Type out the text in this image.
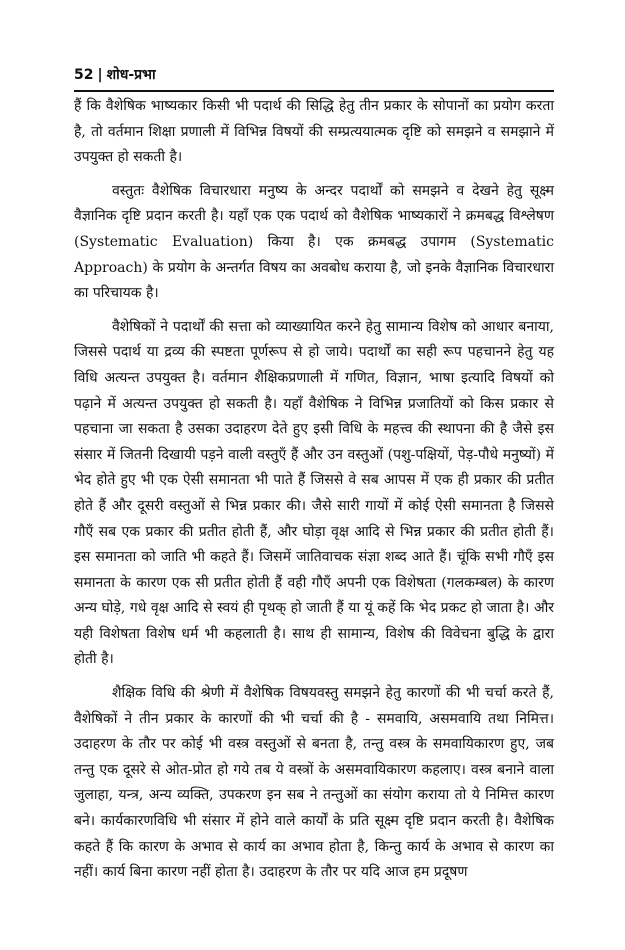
52 | शोध-प्रभा

हैं कि वैशेषिक भाष्यकार किसी भी पदार्थ की सिद्धि हेतु तीन प्रकार के सोपानों का प्रयोग करता है, तो वर्तमान शिक्षा प्रणाली में विभिन्न विषयों की सम्प्रत्ययात्मक दृष्टि को समझने व समझाने में उपयुक्त हो सकती है।

वस्तुतः वैशेषिक विचारधारा मनुष्य के अन्दर पदार्थों को समझने व देखने हेतु सूक्ष्म वैज्ञानिक दृष्टि प्रदान करती है। यहाँ एक एक पदार्थ को वैशेषिक भाष्यकारों ने क्रमबद्ध विश्लेषण (Systematic Evaluation) किया है। एक क्रमबद्ध उपागम (Systematic Approach) के प्रयोग के अन्तर्गत विषय का अवबोध कराया है, जो इनके वैज्ञानिक विचारधारा का परिचायक है।

वैशेषिकों ने पदार्थों की सत्ता को व्याख्यायित करने हेतु सामान्य विशेष को आधार बनाया, जिससे पदार्थ या द्रव्य की स्पष्टता पूर्णरूप से हो जाये। पदार्थों का सही रूप पहचानने हेतु यह विधि अत्यन्त उपयुक्त है। वर्तमान शैक्षिकप्रणाली में गणित, विज्ञान, भाषा इत्यादि विषयों को पढ़ाने में अत्यन्त उपयुक्त हो सकती है। यहाँ वैशेषिक ने विभिन्न प्रजातियों को किस प्रकार से पहचाना जा सकता है उसका उदाहरण देते हुए इसी विधि के महत्त्व की स्थापना की है जैसे इस संसार में जितनी दिखायी पड़ने वाली वस्तुएँ हैं और उन वस्तुओं (पशु-पक्षियों, पेड़-पौधे मनुष्यों) में भेद होते हुए भी एक ऐसी समानता भी पाते हैं जिससे वे सब आपस में एक ही प्रकार की प्रतीत होते हैं और दूसरी वस्तुओं से भिन्न प्रकार की। जैसे सारी गायों में कोई ऐसी समानता है जिससे गौएँ सब एक प्रकार की प्रतीत होती हैं, और घोड़ा वृक्ष आदि से भिन्न प्रकार की प्रतीत होती हैं। इस समानता को जाति भी कहते हैं। जिसमें जातिवाचक संज्ञा शब्द आते हैं। चूंकि सभी गौएँ इस समानता के कारण एक सी प्रतीत होती हैं वही गौएँ अपनी एक विशेषता (गलकम्बल) के कारण अन्य घोड़े, गधे वृक्ष आदि से स्वयं ही पृथक् हो जाती हैं या यूं कहें कि भेद प्रकट हो जाता है। और यही विशेषता विशेष धर्म भी कहलाती है। साथ ही सामान्य, विशेष की विवेचना बुद्धि के द्वारा होती है।

शैक्षिक विधि की श्रेणी में वैशेषिक विषयवस्तु समझने हेतु कारणों की भी चर्चा करते हैं, वैशेषिकों ने तीन प्रकार के कारणों की भी चर्चा की है - समवायि, असमवायि तथा निमित्त। उदाहरण के तौर पर कोई भी वस्त्र वस्तुओं से बनता है, तन्तु वस्त्र के समवायिकारण हुए, जब तन्तु एक दूसरे से ओत-प्रोत हो गये तब ये वस्त्रों के असमवायिकारण कहलाए। वस्त्र बनाने वाला जुलाहा, यन्त्र, अन्य व्यक्ति, उपकरण इन सब ने तन्तुओं का संयोग कराया तो ये निमित्त कारण बने। कार्यकारणविधि भी संसार में होने वाले कार्यों के प्रति सूक्ष्म दृष्टि प्रदान करती है। वैशेषिक कहते हैं कि कारण के अभाव से कार्य का अभाव होता है, किन्तु कार्य के अभाव से कारण का नहीं। कार्य बिना कारण नहीं होता है। उदाहरण के तौर पर यदि आज हम प्रदूषण
